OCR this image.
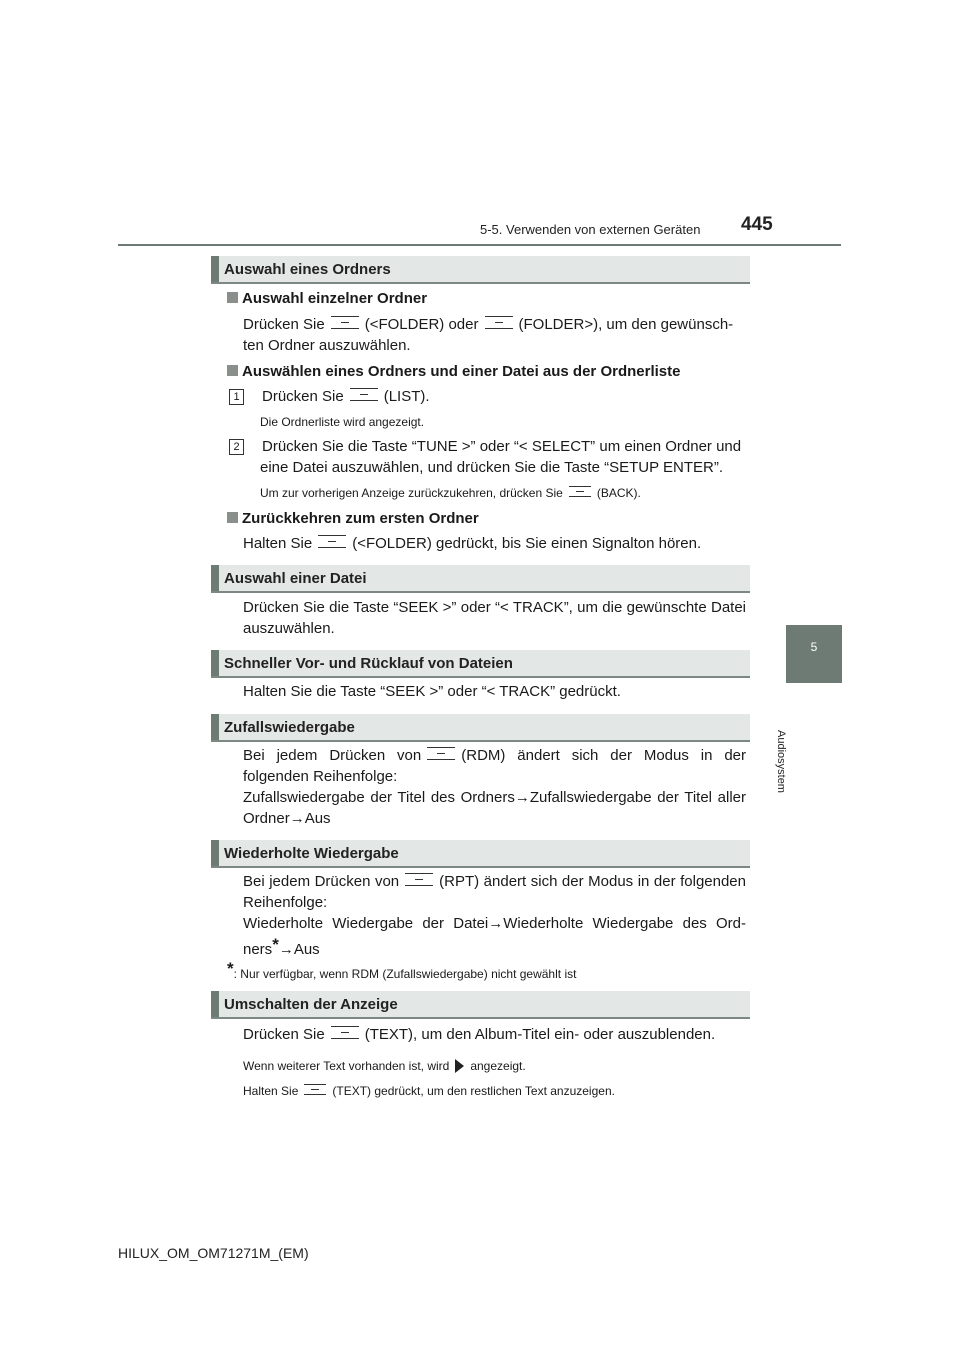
5-5. Verwenden von externen Geräten 445
5
Audiosystem
Auswahl eines Ordners
Auswahl einzelner Ordner
Drücken Sie	(<FOLDER) oder	(FOLDER>), um den gewünsch-
ten Ordner auszuwählen.
Auswählen eines Ordners und einer Datei aus der Ordnerliste
1 Drücken Sie	(LIST).
Die Ordnerliste wird angezeigt.
2 Drücken Sie die Taste “TUNE >” oder “< SELECT” um einen Ordner und
eine Datei auszuwählen, und drücken Sie die Taste “SETUP ENTER”.
Um zur vorherigen Anzeige zurückzukehren, drücken Sie	(BACK).
Zurückkehren zum ersten Ordner
Halten Sie	(<FOLDER) gedrückt, bis Sie einen Signalton hören.
Auswahl einer Datei
Drücken Sie die Taste “SEEK >” oder “< TRACK”, um die gewünschte Datei auszuwählen.
Schneller Vor- und Rücklauf von Dateien
Halten Sie die Taste “SEEK >” oder “< TRACK” gedrückt.
Zufallswiedergabe
Bei jedem Drücken von	(RDM) ändert sich der Modus in der folgenden Reihenfolge:
Zufallswiedergabe der Titel des Ordners→Zufallswiedergabe der Titel aller Ordner→Aus
Wiederholte Wiedergabe
Bei jedem Drücken von	(RPT) ändert sich der Modus in der folgenden Reihenfolge:
Wiederholte Wiedergabe der Datei→Wiederholte Wiedergabe des Ord- ners*→Aus
*: Nur verfügbar, wenn RDM (Zufallswiedergabe) nicht gewählt ist
Umschalten der Anzeige
Drücken Sie	(TEXT), um den Album-Titel ein- oder auszublenden.
Wenn weiterer Text vorhanden ist, wird angezeigt.
Halten Sie	(TEXT) gedrückt, um den restlichen Text anzuzeigen.
HILUX_OM_OM71271M_(EM)
